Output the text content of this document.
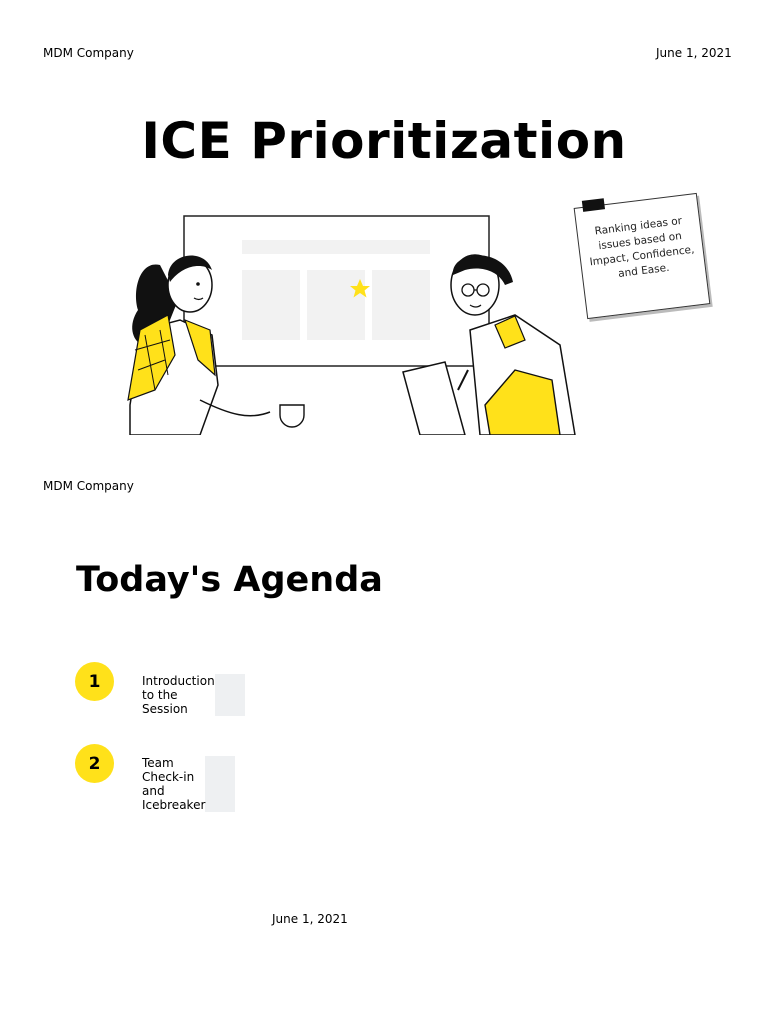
MDM Company	June 1, 2021
ICE Prioritization

Ranking ideas or issues based on Impact, Confidence, and Ease.

MDM Company
Today's Agenda
1	Introduction to the Session
2	Team Check-in and Icebreaker
June 1, 2021
